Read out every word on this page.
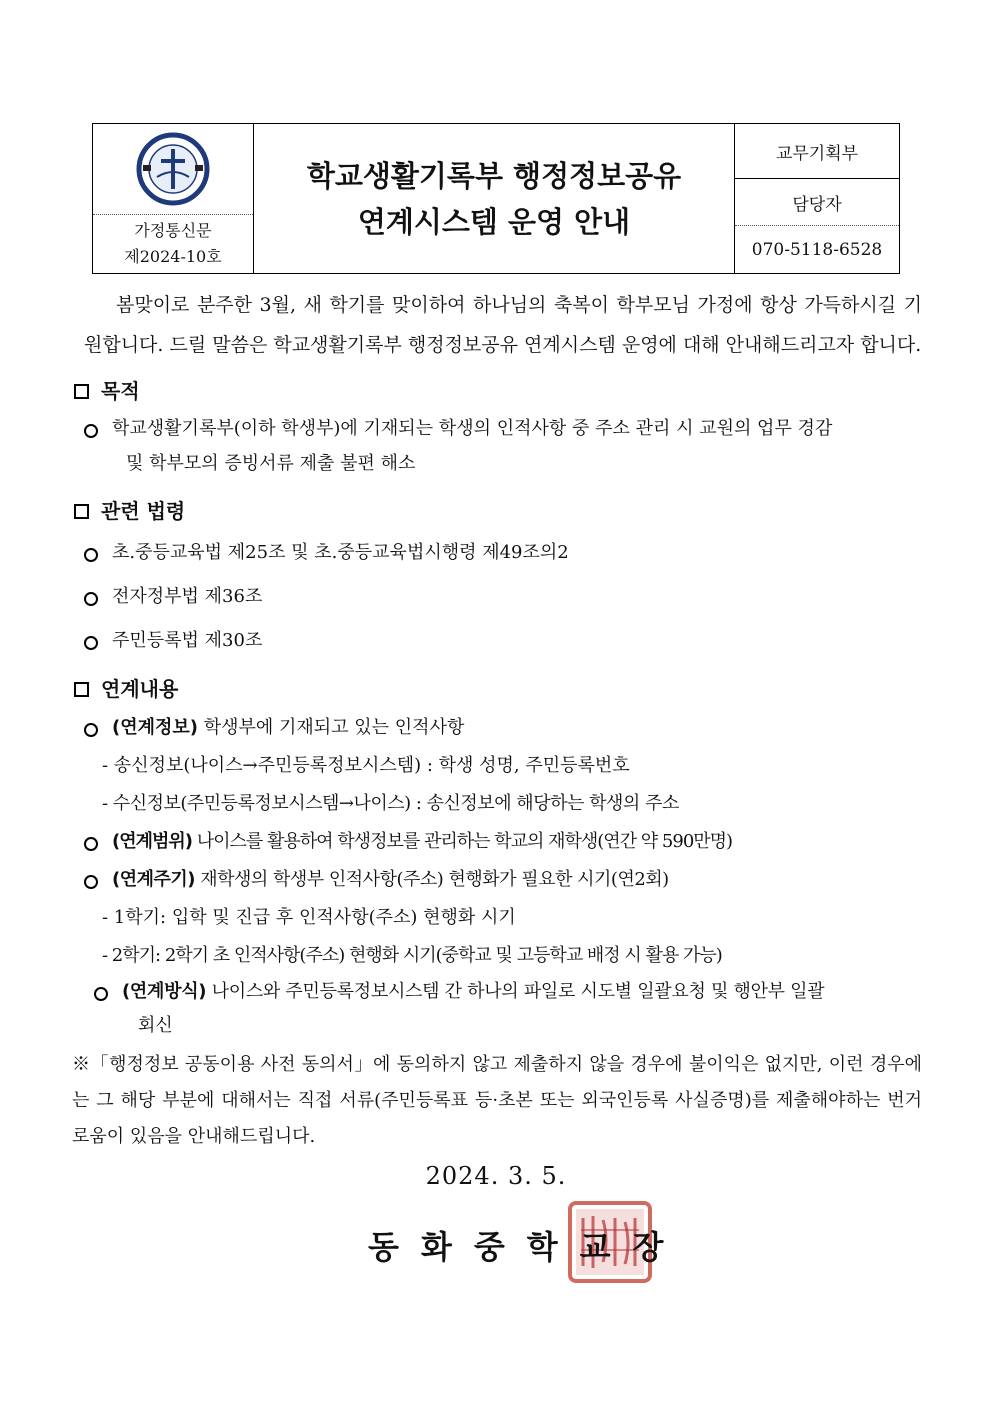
가정통신문
제2024-10호
학교생활기록부 행정정보공유
연계시스템 운영 안내
교무기획부
담당자
070-5118-6528
봄맞이로 분주한 3월, 새 학기를 맞이하여 하나님의 축복이 학부모님 가정에 항상 가득하시길 기원합니다. 드릴 말씀은 학교생활기록부 행정정보공유 연계시스템 운영에 대해 안내해드리고자 합니다.
목적
학교생활기록부(이하 학생부)에 기재되는 학생의 인적사항 중 주소 관리 시 교원의 업무 경감
및 학부모의 증빙서류 제출 불편 해소
관련 법령
초.중등교육법 제25조 및 초.중등교육법시행령 제49조의2
전자정부법 제36조
주민등록법 제30조
연계내용
(연계정보) 학생부에 기재되고 있는 인적사항
- 송신정보(나이스→주민등록정보시스템) : 학생 성명, 주민등록번호
- 수신정보(주민등록정보시스템→나이스) : 송신정보에 해당하는 학생의 주소
(연계범위) 나이스를 활용하여 학생정보를 관리하는 학교의 재학생(연간 약 590만명)
(연계주기) 재학생의 학생부 인적사항(주소) 현행화가 필요한 시기(연2회)
- 1학기: 입학 및 진급 후 인적사항(주소) 현행화 시기
- 2학기: 2학기 초 인적사항(주소) 현행화 시기(중학교 및 고등학교 배정 시 활용 가능)
(연계방식) 나이스와 주민등록정보시스템 간 하나의 파일로 시도별 일괄요청 및 행안부 일괄
회신
※「행정정보 공동이용 사전 동의서」에 동의하지 않고 제출하지 않을 경우에 불이익은 없지만, 이런 경우에는 그 해당 부분에 대해서는 직접 서류(주민등록표 등·초본 또는 외국인등록 사실증명)를 제출해야하는 번거로움이 있음을 안내해드립니다.
2024. 3. 5.
동화중학교장
